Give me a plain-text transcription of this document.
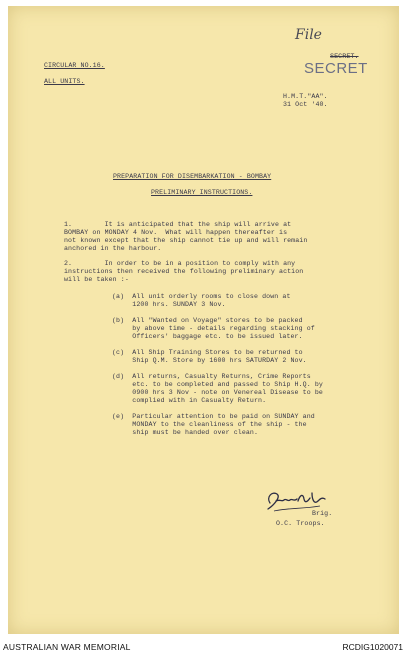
File
SECRET.
SECRET
CIRCULAR NO.16.
ALL UNITS.
H.M.T."AA".
31 Oct '40.
PREPARATION FOR DISEMBARKATION - BOMBAY
PRELIMINARY INSTRUCTIONS.
1.        It is anticipated that the ship will arrive at
BOMBAY on MONDAY 4 Nov.  What will happen thereafter is
not known except that the ship cannot tie up and will remain
anchored in the harbour.
2.        In order to be in a position to comply with any
instructions then received the following preliminary action
will be taken :-
(a)  All unit orderly rooms to close down at
1200 hrs. SUNDAY 3 Nov.
(b)  All "Wanted on Voyage" stores to be packed
by above time - details regarding stacking of
Officers' baggage etc. to be issued later.
(c)  All Ship Training Stores to be returned to
Ship Q.M. Store by 1600 hrs SATURDAY 2 Nov.
(d)  All returns, Casualty Returns, Crime Reports
etc. to be completed and passed to Ship H.Q. by
0900 hrs 3 Nov - note on Venereal Disease to be
complied with in Casualty Return.
(e)  Particular attention to be paid on SUNDAY and
MONDAY to the cleanliness of the ship - the
ship must be handed over clean.
Brig.
O.C. Troops.
AUSTRALIAN WAR MEMORIAL	RCDIG1020071
